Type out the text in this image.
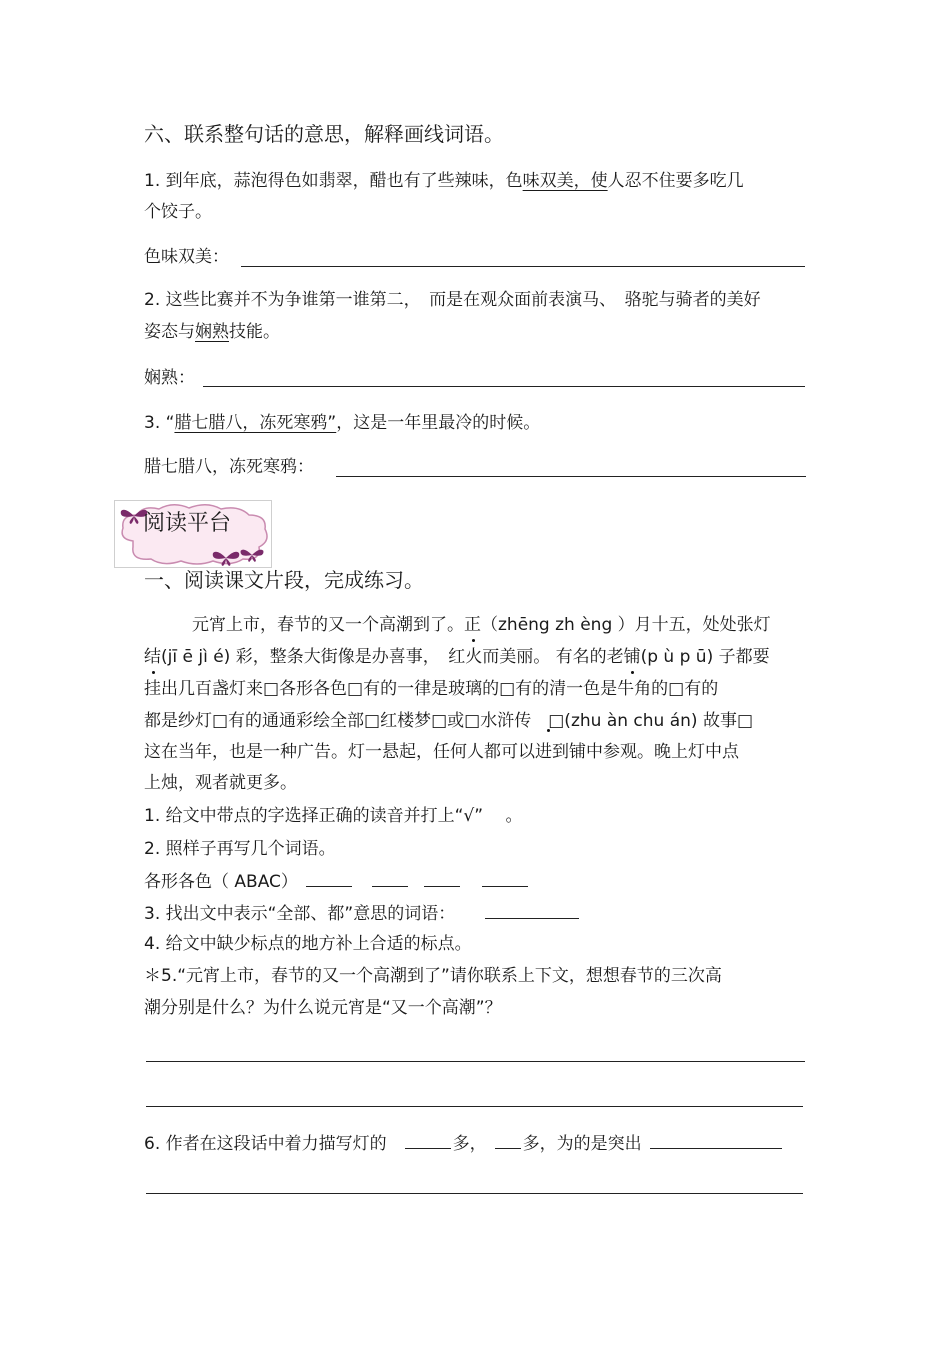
六、联系整句话的意思，解释画线词语。
1. 到年底，蒜泡得色如翡翠，醋也有了些辣味，色味双美，使人忍不住要多吃几
个饺子。
色味双美：
2. 这些比赛并不为争谁第一谁第二，　而是在观众面前表演马、　骆驼与骑者的美好
姿态与娴熟技能。
娴熟：
3. “腊七腊八，冻死寒鸦”，这是一年里最冷的时候。
腊七腊八，冻死寒鸦：
阅读平台
一、阅读课文片段，完成练习。
元宵上市，春节的又一个高潮到了。正（zhēng zh èng ）月十五，处处张灯
结(jī ē jì é) 彩，整条大街像是办喜事，　红火而美丽。 有名的老铺(p ù p ū) 子都要
挂出几百盏灯来□各形各色□有的一律是玻璃的□有的清一色是牛角的□有的
都是纱灯□有的通通彩绘全部□红楼梦□或□水浒传　□(zhu àn chu án) 故事□
这在当年，也是一种广告。灯一悬起，任何人都可以进到铺中参观。晚上灯中点
上烛，观者就更多。
1. 给文中带点的字选择正确的读音并打上“√”　 。
2. 照样子再写几个词语。
各形各色（ ABAC）
3. 找出文中表示“全部、都”意思的词语：
4. 给文中缺少标点的地方补上合适的标点。
＊5.“元宵上市，春节的又一个高潮到了”请你联系上下文，想想春节的三次高
潮分别是什么？为什么说元宵是“又一个高潮”？
6. 作者在这段话中着力描写灯的	多， 多，为的是突出
